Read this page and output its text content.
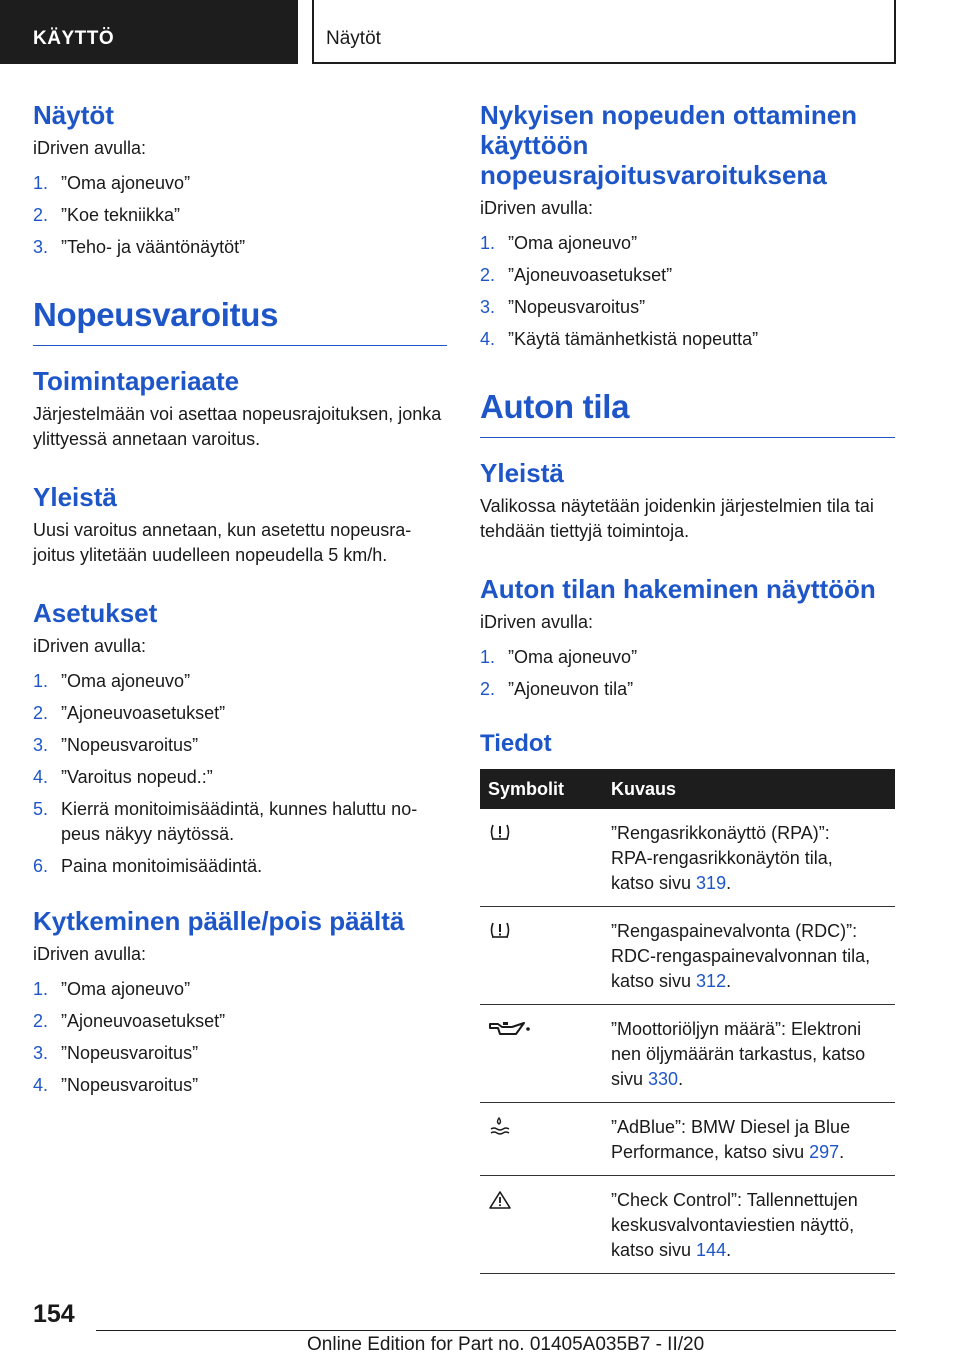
KÄYTTÖ	Näytöt
Näytöt
iDriven avulla:
1. ”Oma ajoneuvo”
2. ”Koe tekniikka”
3. ”Teho- ja vääntönäytöt”
Nopeusvaroitus
Toimintaperiaate
Järjestelmään voi asettaa nopeusrajoituksen, jonka ylittyessä annetaan varoitus.
Yleistä
Uusi varoitus annetaan, kun asetettu nopeusrajoitus ylitetään uudelleen nopeudella 5 km/h.
Asetukset
iDriven avulla:
1. ”Oma ajoneuvo”
2. ”Ajoneuvoasetukset”
3. ”Nopeusvaroitus”
4. ”Varoitus nopeud.:”
5. Kierrä monitoimisäädintä, kunnes haluttu nopeus näkyy näytössä.
6. Paina monitoimisäädintä.
Kytkeminen päälle/pois päältä
iDriven avulla:
1. ”Oma ajoneuvo”
2. ”Ajoneuvoasetukset”
3. ”Nopeusvaroitus”
4. ”Nopeusvaroitus”
Nykyisen nopeuden ottaminen käyttöön nopeusrajoitusvaroituksena
iDriven avulla:
1. ”Oma ajoneuvo”
2. ”Ajoneuvoasetukset”
3. ”Nopeusvaroitus”
4. ”Käytä tämänhetkistä nopeutta”
Auton tila
Yleistä
Valikossa näytetään joidenkin järjestelmien tila tai tehdään tiettyjä toimintoja.
Auton tilan hakeminen näyttöön
iDriven avulla:
1. ”Oma ajoneuvo”
2. ”Ajoneuvon tila”
Tiedot
Symbolit	Kuvaus
	”Rengasrikkonäyttö (RPA)”:
RPA-rengasrikkonäytön tila,
katso sivu 319.
	”Rengaspainevalvonta (RDC)”:
RDC-rengaspainevalvonnan tila,
katso sivu 312.
	”Moottoriöljyn määrä”: Elektroni
nen öljymäärän tarkastus, katso
sivu 330.
	”AdBlue”: BMW Diesel ja Blue
Performance, katso sivu 297.
	”Check Control”: Tallennettujen
keskusvalvontaviestien näyttö,
katso sivu 144.
154
Online Edition for Part no. 01405A035B7 - II/20
